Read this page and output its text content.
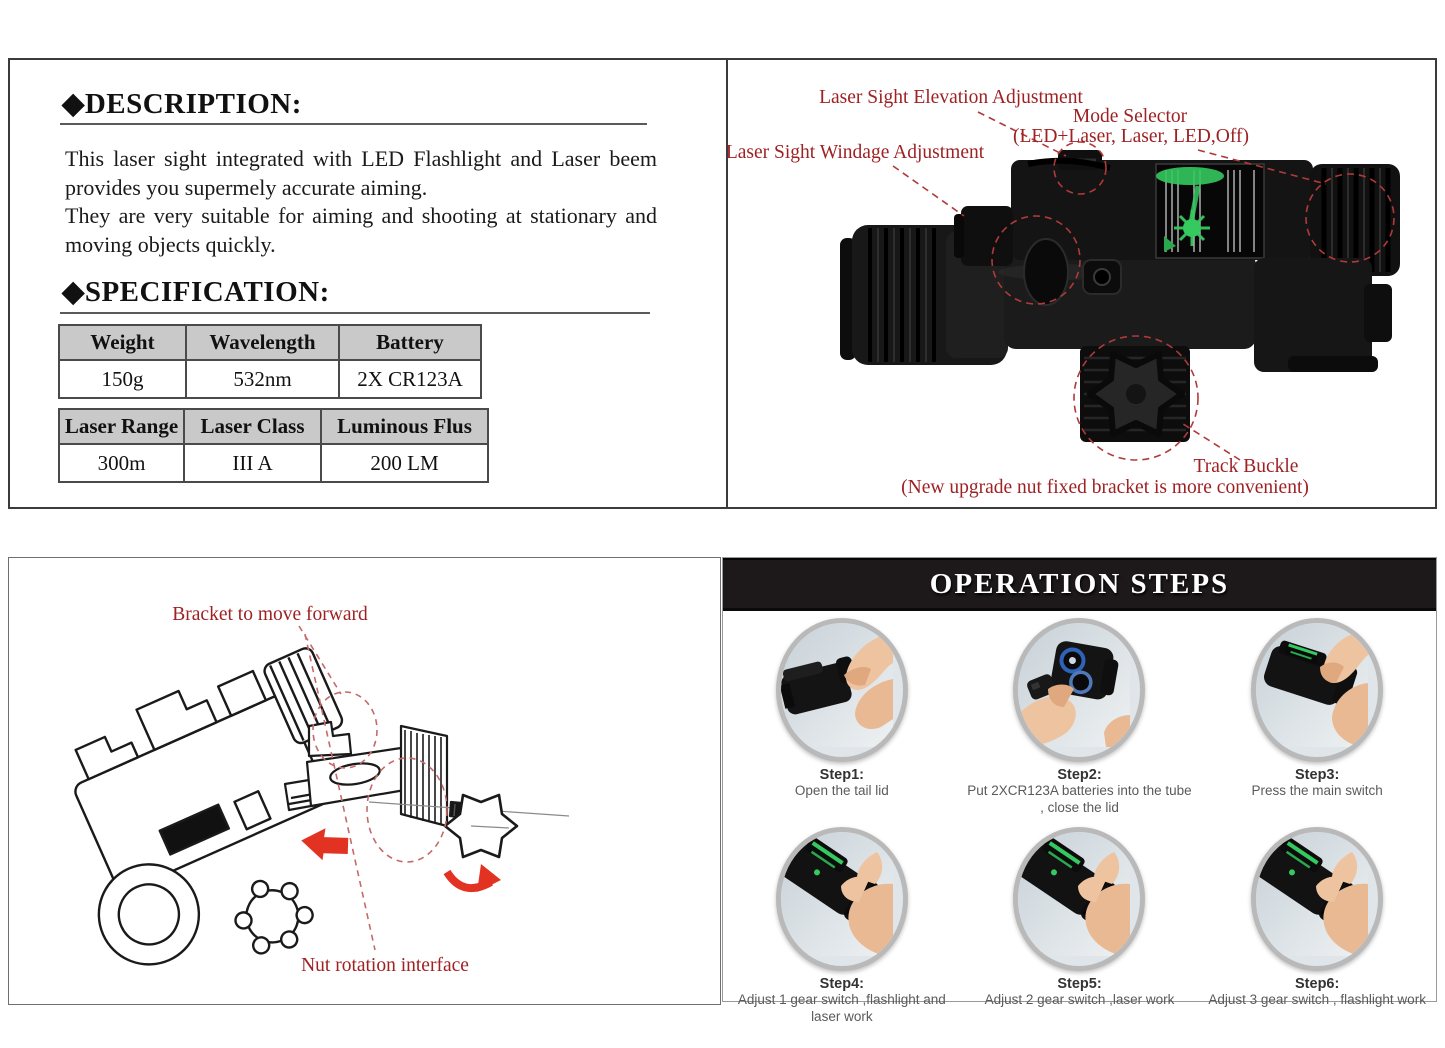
◆DESCRIPTION:

This laser sight integrated with LED Flashlight and Laser beem provides you supermely accurate aiming.

They are very suitable for aiming and shooting at stationary and moving objects quickly.

◆SPECIFICATION:
Weight	Wavelength	Battery
150g	532nm	2X CR123A
Laser Range	Laser Class	Luminous Flus
300m	III A	200 LM
Laser Sight Elevation Adjustment
Mode Selector
(LED+Laser, Laser, LED,Off)
Laser Sight Windage Adjustment
Track Buckle
(New upgrade nut fixed bracket is more convenient)
Bracket to move forward
Nut rotation interface
OPERATION STEPS
Step1:
Open the tail lid
Step2:
Put 2XCR123A batteries into the tube , close the lid
Step3:
Press the main switch
Step4:
Adjust 1 gear switch ,flashlight and laser work
Step5:
Adjust 2 gear switch ,laser work
Step6:
Adjust 3 gear switch , flashlight work
